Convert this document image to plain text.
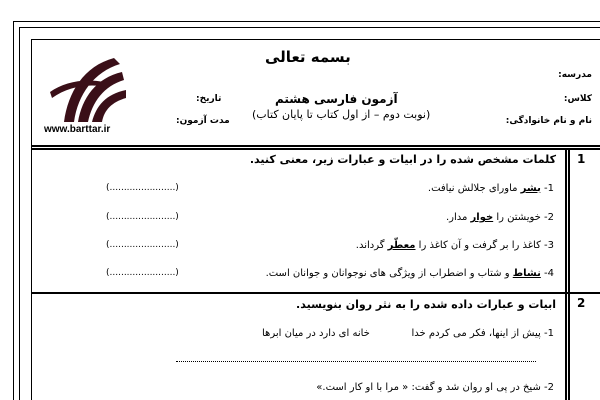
www.barttar.ir
بسمه تعالی
آزمون فارسی هشتم
(نوبت دوم – از اول کتاب تا پایان کتاب)
مدرسه:
کلاس:
نام و نام خانوادگی:
تاریخ:
مدت آزمون:
1
کلمات مشخص شده را در ابیات و عبارات زیر، معنی کنید.
1- بشر ماورای جلالش نیافت.
(.......................)
2- خویشتن را خوار مدار.
(.......................)
3- کاغذ را بر گرفت و آن کاغذ را معطّر گرداند.
(.......................)
4- نشاط و شتاب و اضطراب از ویژگی های نوجوانان و جوانان است.
(.......................)
2
ابیات و عبارات داده شده را به نثر روان بنویسید.
1- پیش از اینها، فکر می کردم خدا
خانه ای دارد در میان ابرها
2- شیخ در پی او روان شد و گفت: « مرا با او کار است.»
